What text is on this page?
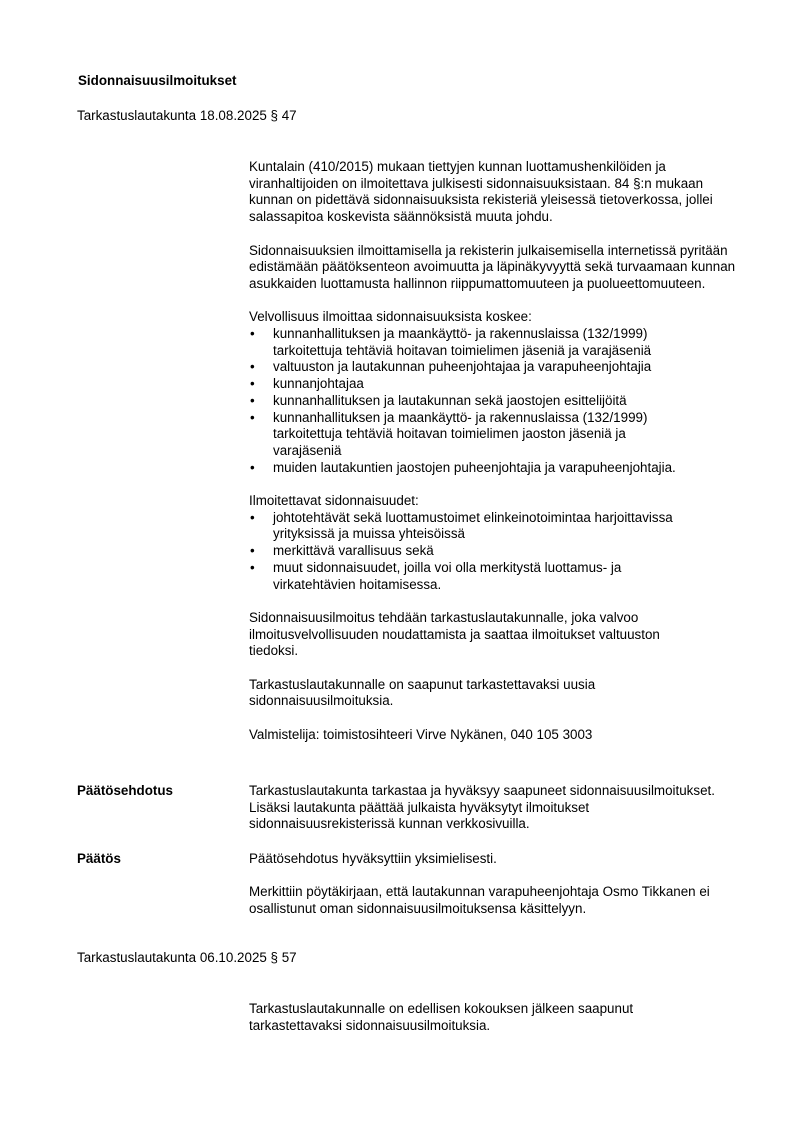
Sidonnaisuusilmoitukset
Tarkastuslautakunta 18.08.2025 § 47

Kuntalain (410/2015) mukaan tiettyjen kunnan luottamushenkilöiden ja viranhaltijoiden on ilmoitettava julkisesti sidonnaisuuksistaan. 84 §:n mukaan kunnan on pidettävä sidonnaisuuksista rekisteriä yleisessä tietoverkossa, jollei salassapitoa koskevista säännöksistä muuta johdu.

Sidonnaisuuksien ilmoittamisella ja rekisterin julkaisemisella internetissä pyritään edistämään päätöksenteon avoimuutta ja läpinäkyvyyttä sekä turvaamaan kunnan asukkaiden luottamusta hallinnon riippumattomuuteen ja puolueettomuuteen.

Velvollisuus ilmoittaa sidonnaisuuksista koskee:

• kunnanhallituksen ja maankäyttö- ja rakennuslaissa (132/1999) tarkoitettuja tehtäviä hoitavan toimielimen jäseniä ja varajäseniä
• valtuuston ja lautakunnan puheenjohtajaa ja varapuheenjohtajia
• kunnanjohtajaa
• kunnanhallituksen ja lautakunnan sekä jaostojen esittelijöitä
• kunnanhallituksen ja maankäyttö- ja rakennuslaissa (132/1999) tarkoitettuja tehtäviä hoitavan toimielimen jaoston jäseniä ja varajäseniä
• muiden lautakuntien jaostojen puheenjohtajia ja varapuheenjohtajia.

Ilmoitettavat sidonnaisuudet:

• johtotehtävät sekä luottamustoimet elinkeinotoimintaa harjoittavissa yrityksissä ja muissa yhteisöissä
• merkittävä varallisuus sekä
• muut sidonnaisuudet, joilla voi olla merkitystä luottamus- ja virkatehtävien hoitamisessa.

Sidonnaisuusilmoitus tehdään tarkastuslautakunnalle, joka valvoo ilmoitusvelvollisuuden noudattamista ja saattaa ilmoitukset valtuuston tiedoksi.

Tarkastuslautakunnalle on saapunut tarkastettavaksi uusia sidonnaisuusilmoituksia.

Valmistelija: toimistosihteeri Virve Nykänen, 040 105 3003

Päätösehdotus	Tarkastuslautakunta tarkastaa ja hyväksyy saapuneet sidonnaisuusilmoitukset. Lisäksi lautakunta päättää julkaista hyväksytyt ilmoitukset sidonnaisuusrekisterissä kunnan verkkosivuilla.
Päätös	Päätösehdotus hyväksyttiin yksimielisesti.

Merkittiin pöytäkirjaan, että lautakunnan varapuheenjohtaja Osmo Tikkanen ei osallistunut oman sidonnaisuusilmoituksensa käsittelyyn.

Tarkastuslautakunta 06.10.2025 § 57

Tarkastuslautakunnalle on edellisen kokouksen jälkeen saapunut tarkastettavaksi sidonnaisuusilmoituksia.
